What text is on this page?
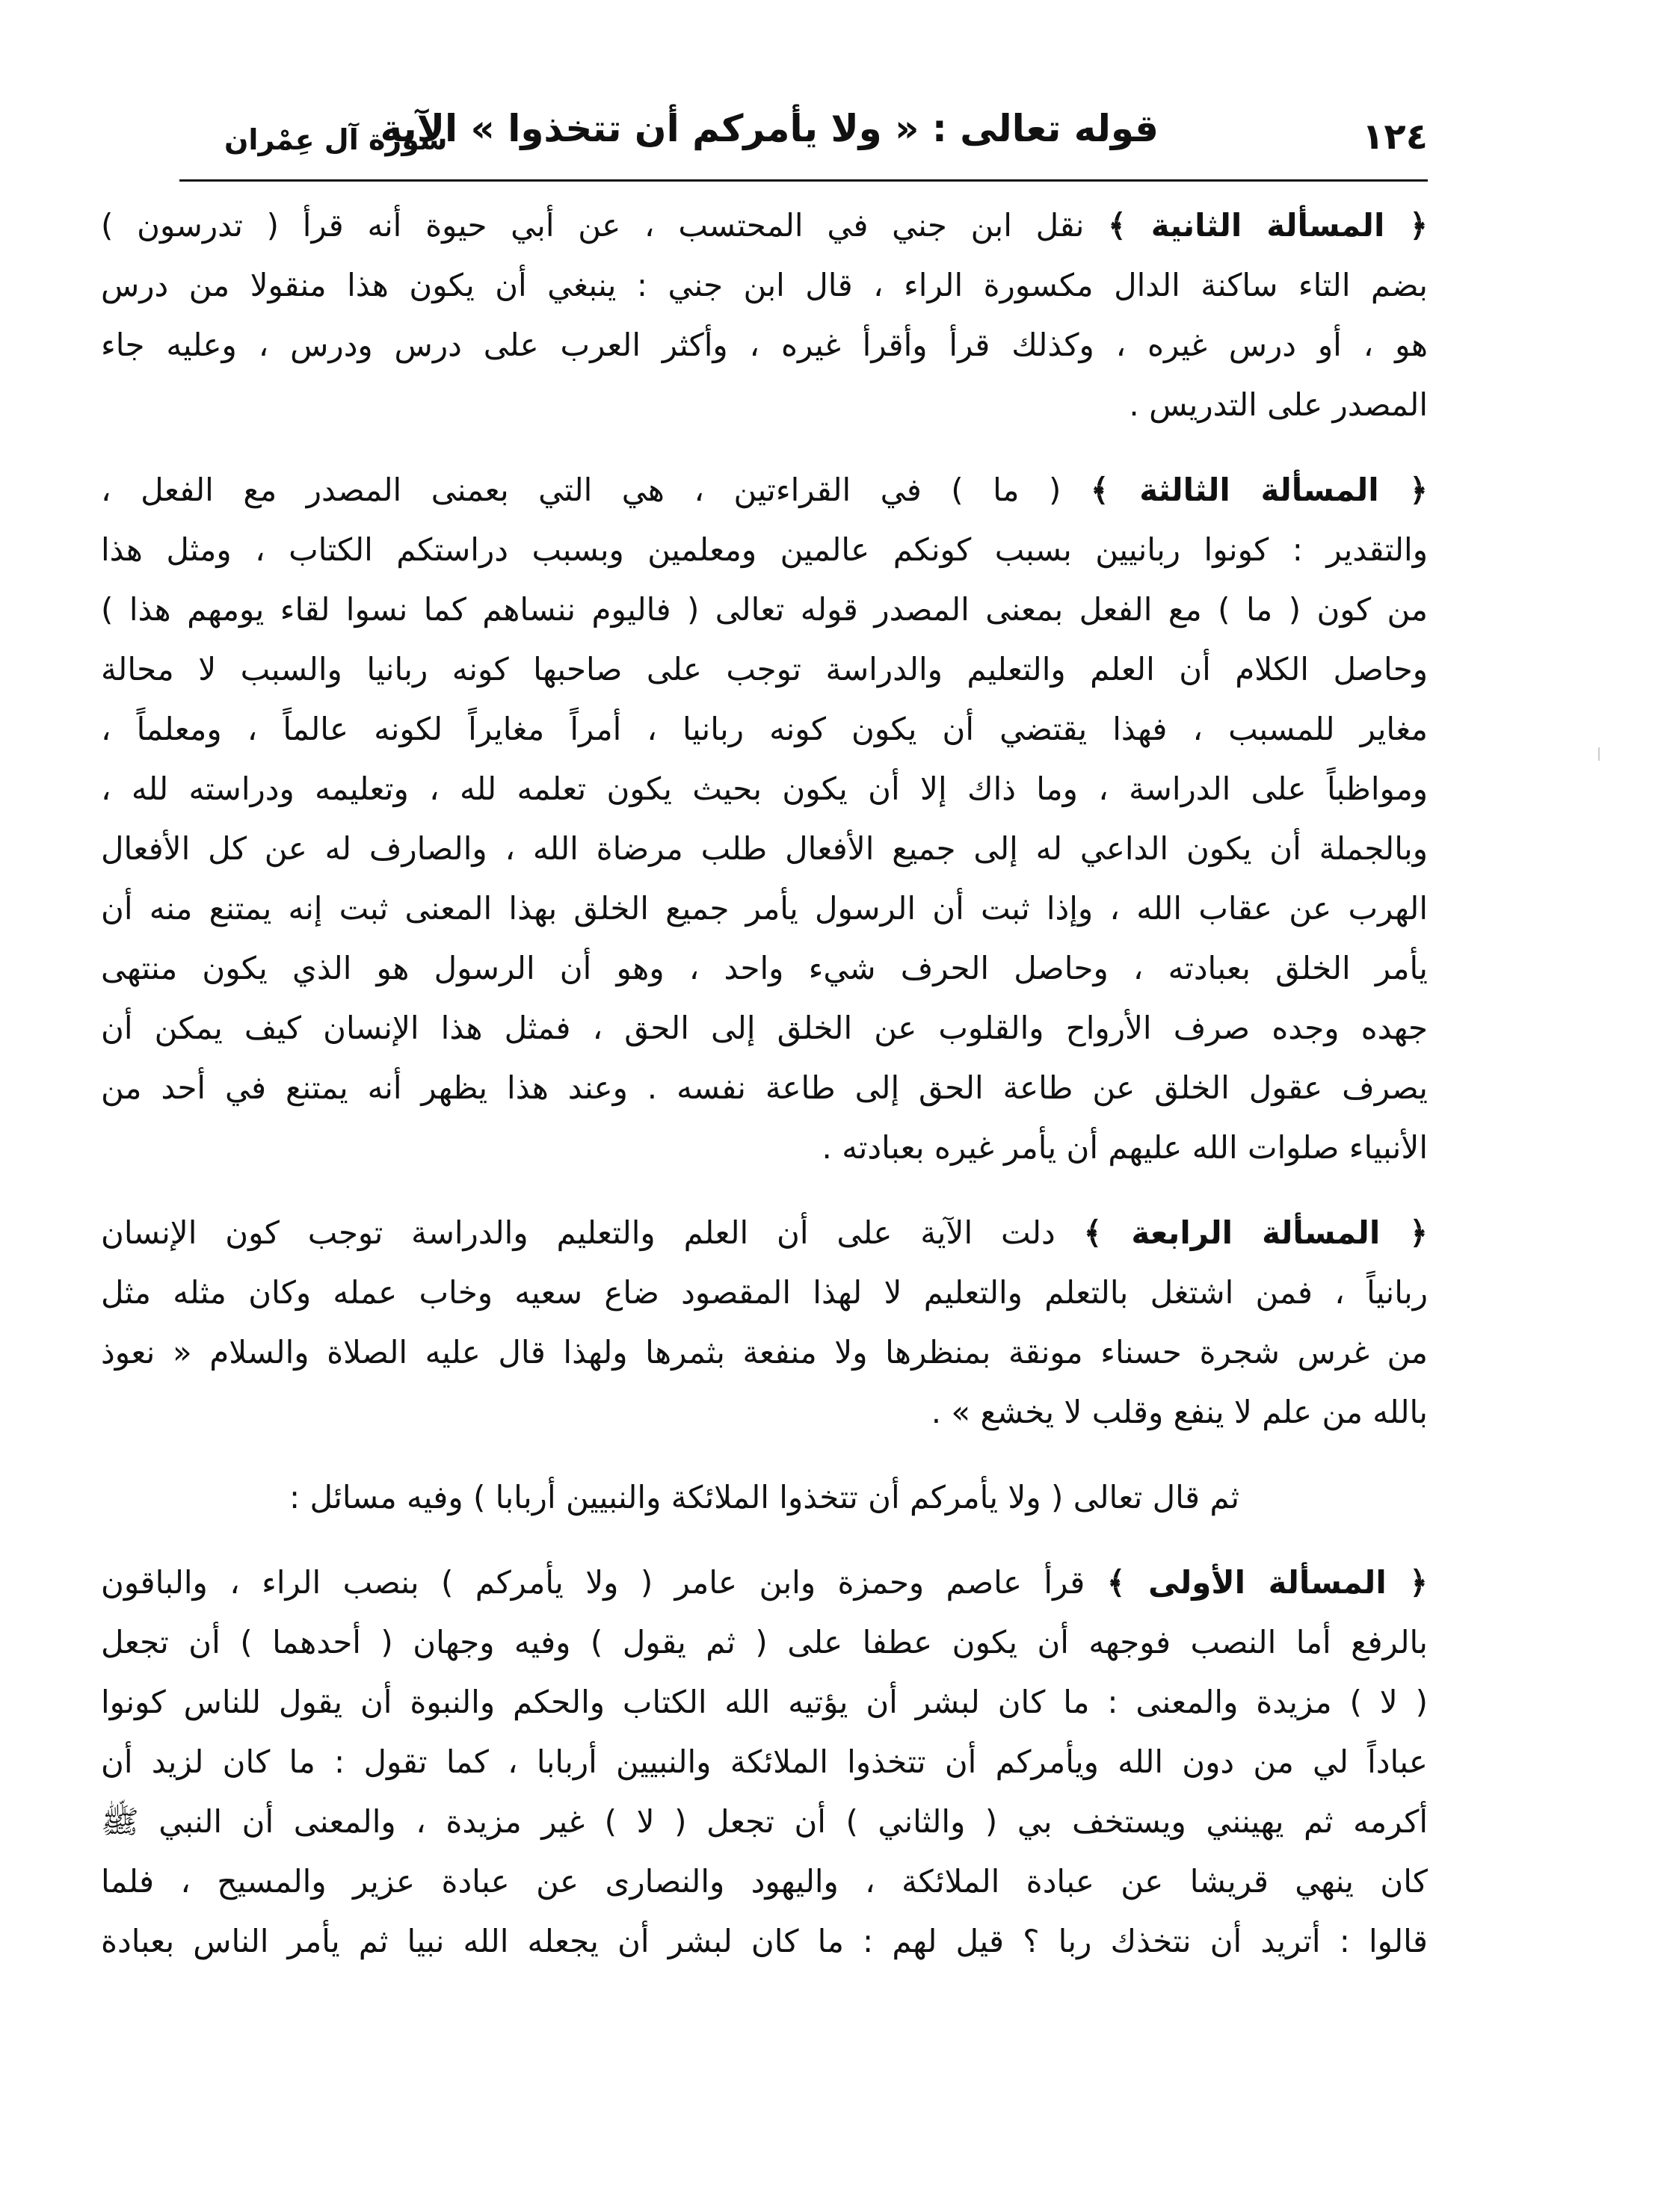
١٢٤
قوله تعالى : « ولا يأمركم أن تتخذوا » الآية
سورة آل عِمْران
﴿ المسألة الثانية ﴾ نقل ابن جني في المحتسب ، عن أبي حيوة أنه قرأ ( تدرسون )
بضم التاء ساكنة الدال مكسورة الراء ، قال ابن جني : ينبغي أن يكون هذا منقولا من درس
هو ، أو درس غيره ، وكذلك قرأ وأقرأ غيره ، وأكثر العرب على درس ودرس ، وعليه جاء
المصدر على التدريس .
﴿ المسألة الثالثة ﴾ ( ما ) في القراءتين ، هي التي بعمنى المصدر مع الفعل ،
والتقدير : كونوا ربانيين بسبب كونكم عالمين ومعلمين وبسبب دراستكم الكتاب ، ومثل هذا
من كون ( ما ) مع الفعل بمعنى المصدر قوله تعالى ( فاليوم ننساهم كما نسوا لقاء يومهم هذا )
وحاصل الكلام أن العلم والتعليم والدراسة توجب على صاحبها كونه ربانيا والسبب لا محالة
مغاير للمسبب ، فهذا يقتضي أن يكون كونه ربانيا ، أمراً مغايراً لكونه عالماً ، ومعلماً ،
ومواظباً على الدراسة ، وما ذاك إلا أن يكون بحيث يكون تعلمه لله ، وتعليمه ودراسته لله ،
وبالجملة أن يكون الداعي له إلى جميع الأفعال طلب مرضاة الله ، والصارف له عن كل الأفعال
الهرب عن عقاب الله ، وإذا ثبت أن الرسول يأمر جميع الخلق بهذا المعنى ثبت إنه يمتنع منه أن
يأمر الخلق بعبادته ، وحاصل الحرف شيء واحد ، وهو أن الرسول هو الذي يكون منتهى
جهده وجده صرف الأرواح والقلوب عن الخلق إلى الحق ، فمثل هذا الإنسان كيف يمكن أن
يصرف عقول الخلق عن طاعة الحق إلى طاعة نفسه . وعند هذا يظهر أنه يمتنع في أحد من
الأنبياء صلوات الله عليهم أن يأمر غيره بعبادته .
﴿ المسألة الرابعة ﴾ دلت الآية على أن العلم والتعليم والدراسة توجب كون الإنسان
ربانياً ، فمن اشتغل بالتعلم والتعليم لا لهذا المقصود ضاع سعيه وخاب عمله وكان مثله مثل
من غرس شجرة حسناء مونقة بمنظرها ولا منفعة بثمرها ولهذا قال عليه الصلاة والسلام « نعوذ
بالله من علم لا ينفع وقلب لا يخشع » .
ثم قال تعالى ( ولا يأمركم أن تتخذوا الملائكة والنبيين أربابا ) وفيه مسائل :
﴿ المسألة الأولى ﴾ قرأ عاصم وحمزة وابن عامر ( ولا يأمركم ) بنصب الراء ، والباقون
بالرفع أما النصب فوجهه أن يكون عطفا على ( ثم يقول ) وفيه وجهان ( أحدهما ) أن تجعل
( لا ) مزيدة والمعنى : ما كان لبشر أن يؤتيه الله الكتاب والحكم والنبوة أن يقول للناس كونوا
عباداً لي من دون الله ويأمركم أن تتخذوا الملائكة والنبيين أربابا ، كما تقول : ما كان لزيد أن
أكرمه ثم يهينني ويستخف بي ( والثاني ) أن تجعل ( لا ) غير مزيدة ، والمعنى أن النبي ﷺ
كان ينهي قريشا عن عبادة الملائكة ، واليهود والنصارى عن عبادة عزير والمسيح ، فلما
قالوا : أتريد أن نتخذك ربا ؟ قيل لهم : ما كان لبشر أن يجعله الله نبيا ثم يأمر الناس بعبادة
